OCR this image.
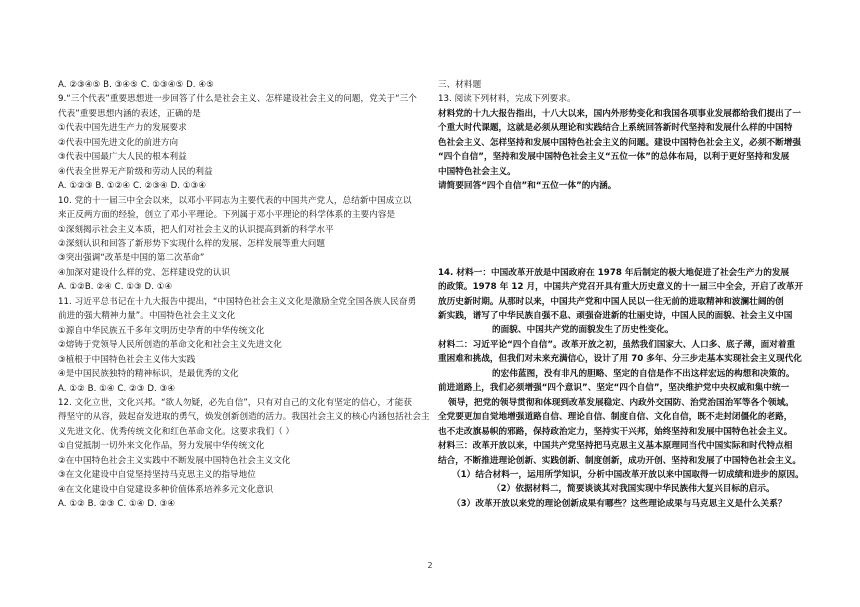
A. ②③④⑤ B. ③④⑤ C. ①③④⑤ D. ④⑤
9.“三个代表”重要思想进一步回答了什么是社会主义、怎样建设社会主义的问题，党关于“三个
代表”重要思想内涵的表述，正确的是
①代表中国先进生产力的发展要求
②代表中国先进文化的前进方向
③代表中国最广大人民的根本利益
④代表全世界无产阶级和劳动人民的利益
A. ①②③ B. ①②④ C. ②③④ D. ①③④
10. 党的十一届三中全会以来，以邓小平同志为主要代表的中国共产党人，总结新中国成立以
来正反两方面的经验，创立了邓小平理论。下列属于邓小平理论的科学体系的主要内容是
①深刻揭示社会主义本质，把人们对社会主义的认识提高到新的科学水平
②深刻认识和回答了新形势下实现什么样的发展、怎样发展等重大问题
③突出强调“改革是中国的第二次革命”
④加深对建设什么样的党、怎样建设党的认识
A. ①②B. ②④ C. ①③ D. ①④
11. 习近平总书记在十九大报告中提出，“中国特色社会主义文化是激励全党全国各族人民奋勇
前进的强大精神力量”。中国特色社会主义文化
①源自中华民族五千多年文明历史孕育的中华传统文化
②熔铸于党领导人民所创造的革命文化和社会主义先进文化
③植根于中国特色社会主义伟大实践
④是中国民族独特的精神标识，是最优秀的文化
A. ①② B. ①④ C. ②③ D. ③④
12. 文化立世，文化兴邦。“欲人勿疑，必先自信”，只有对自己的文化有坚定的信心，才能获
得坚守的从容，鼓起奋发进取的勇气，焕发创新创造的活力。我国社会主义的核心内涵包括社会主
义先进文化、优秀传统文化和红色革命文化。这要求我们（ ）
①自觉抵制一切外来文化作品，努力发展中华传统文化
②在中国特色社会主义实践中不断发展中国特色社会主义文化
③在文化建设中自觉坚持坚持马克思主义的指导地位
④在文化建设中自觉建设多种价值体系培养多元文化意识
A. ①② B. ②③ C. ①④ D. ③④
三、材料题
13. 阅读下列材料，完成下列要求。
材料党的十九大报告指出，十八大以来，国内外形势变化和我国各项事业发展都给我们提出了一
个重大时代课题，这就是必须从理论和实践结合上系统回答新时代坚持和发展什么样的中国特
色社会主义、怎样坚持和发展中国特色社会主义的问题。建设中国特色社会主义，必须不断增强
“四个自信”，坚持和发展中国特色社会主义“五位一体”的总体布局，以利于更好坚持和发展
中国特色社会主义。
请简要回答“四个自信”和“五位一体”的内涵。
14. 材料一：中国改革开放是中国政府在 1978 年后制定的极大地促进了社会生产力的发展
的政策。1978 年 12 月，中国共产党召开具有重大历史意义的十一届三中全会，开启了改革开
放历史新时期。从那时以来，中国共产党和中国人民以一往无前的进取精神和波澜壮阔的创
新实践，谱写了中华民族自强不息、顽强奋进新的壮丽史诗，中国人民的面貌、社会主义中国
的面貌、中国共产党的面貌发生了历史性变化。
材料二：习近平论“四个自信”。改革开放之初，虽然我们国家大、人口多、底子薄，面对着重
重困难和挑战，但我们对未来充满信心，设计了用 70 多年、分三步走基本实现社会主义现代化
的宏伟蓝图，没有非凡的胆略、坚定的自信是作不出这样宏远的构想和决策的。
前进道路上，我们必须增强“四个意识”、坚定“四个自信”，坚决维护党中央权威和集中统一
领导，把党的领导贯彻和体现到改革发展稳定、内政外交国防、治党治国治军等各个领域。
全党要更加自觉地增强道路自信、理论自信、制度自信、文化自信，既不走封闭僵化的老路，
也不走改旗易帜的邪路，保持政治定力，坚持实干兴邦，始终坚持和发展中国特色社会主义。
材料三：改革开放以来，中国共产党坚持把马克思主义基本原理同当代中国实际和时代特点相
结合，不断推进理论创新、实践创新、制度创新，成功开创、坚持和发展了中国特色社会主义。
（1）结合材料一，运用所学知识，分析中国改革开放以来中国取得一切成绩和进步的原因。
（2）依据材料二，简要谈谈其对我国实现中华民族伟大复兴目标的启示。
（3）改革开放以来党的理论创新成果有哪些？这些理论成果与马克思主义是什么关系？
2
